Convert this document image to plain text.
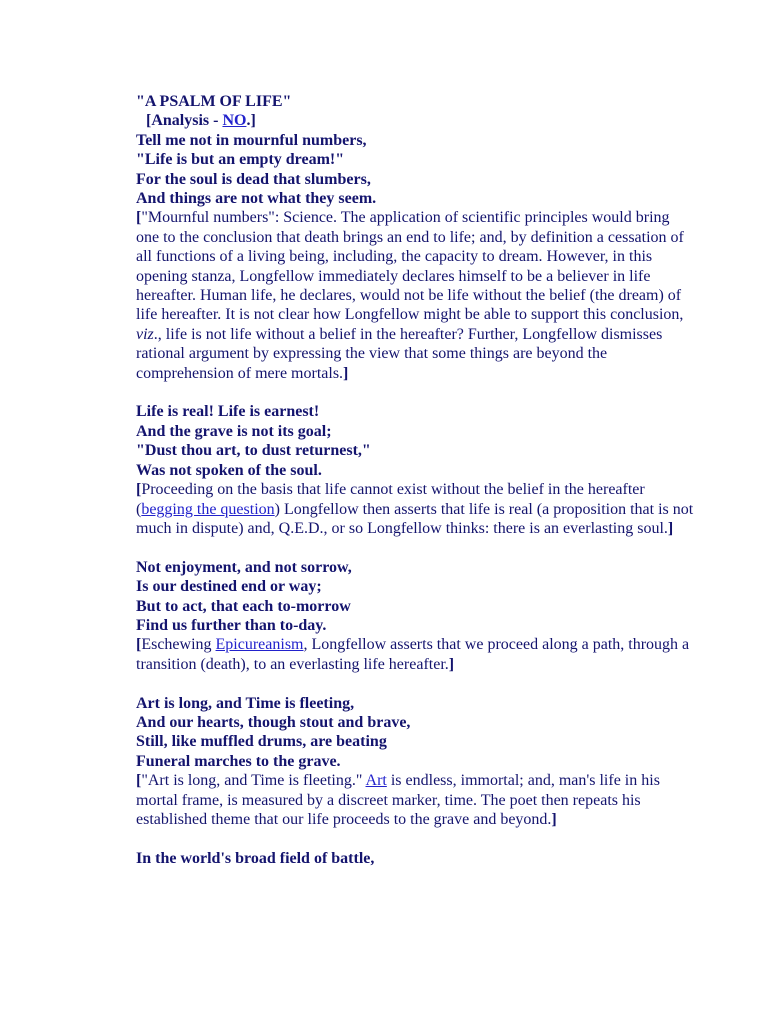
"A PSALM OF LIFE"

[Analysis - NO.]

Tell me not in mournful numbers,

"Life is but an empty dream!"

For the soul is dead that slumbers,

And things are not what they seem.

["Mournful numbers": Science. The application of scientific principles would bring one to the conclusion that death brings an end to life; and, by definition a cessation of all functions of a living being, including, the capacity to dream. However, in this opening stanza, Longfellow immediately declares himself to be a believer in life hereafter. Human life, he declares, would not be life without the belief (the dream) of life hereafter. It is not clear how Longfellow might be able to support this conclusion, viz., life is not life without a belief in the hereafter? Further, Longfellow dismisses rational argument by expressing the view that some things are beyond the comprehension of mere mortals.]

Life is real! Life is earnest!

And the grave is not its goal;

"Dust thou art, to dust returnest,"

Was not spoken of the soul.

[Proceeding on the basis that life cannot exist without the belief in the hereafter (begging the question) Longfellow then asserts that life is real (a proposition that is not much in dispute) and, Q.E.D., or so Longfellow thinks: there is an everlasting soul.]

Not enjoyment, and not sorrow,

Is our destined end or way;

But to act, that each to-morrow

Find us further than to-day.

[Eschewing Epicureanism, Longfellow asserts that we proceed along a path, through a transition (death), to an everlasting life hereafter.]

Art is long, and Time is fleeting,

And our hearts, though stout and brave,

Still, like muffled drums, are beating

Funeral marches to the grave.

["Art is long, and Time is fleeting." Art is endless, immortal; and, man's life in his mortal frame, is measured by a discreet marker, time. The poet then repeats his established theme that our life proceeds to the grave and beyond.]

In the world's broad field of battle,
